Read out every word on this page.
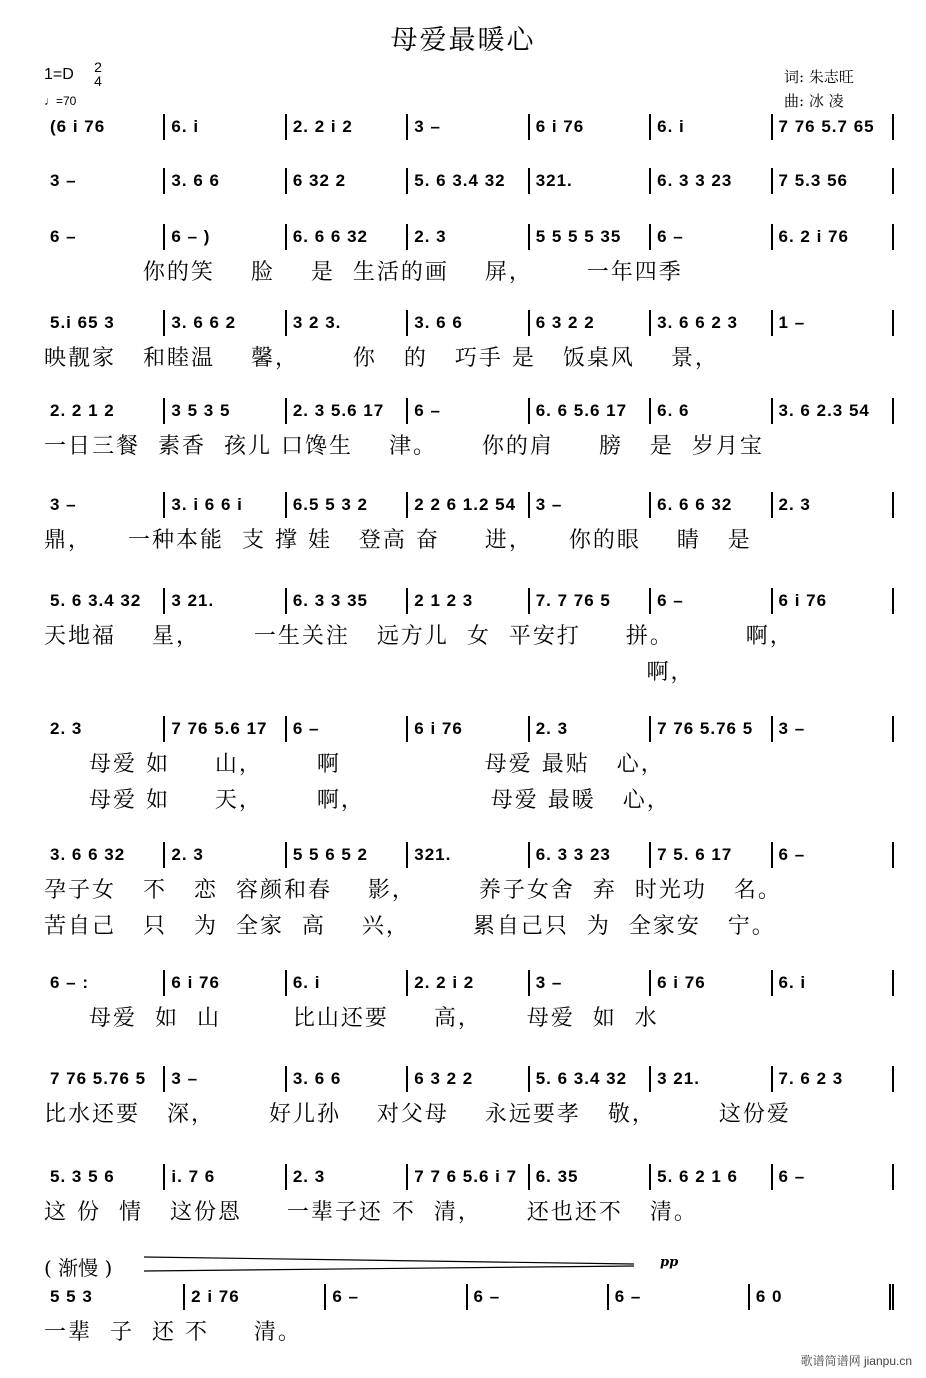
母爱最暖心
1=D 2
4
♩=70
词: 朱志旺
曲: 冰 凌
(6 i 76	6. i	2. 2 i 2	3 –	6 i 76	6. i	7 76 5.7 65
3 –	3. 6 6	6 32 2	5. 6 3.4 32	321.	6. 3 3 23	7 5.3 56
6 –	6 – )	6. 6 6 32	2. 3	5 5 5 5 35	6 –	6. 2 i 76
你的笑    脸    是  生活的画    屏，      一年四季
5.i 65 3	3. 6 6 2	3 2 3.	3. 6 6	6 3 2 2	3. 6 6 2 3	1 –
映靓家   和睦温    馨，      你   的   巧手 是   饭桌风    景，
2. 2 1 2	3 5 3 5	2. 3 5.6 17	6 –	6. 6 5.6 17	6. 6	3. 6 2.3 54
一日三餐  素香  孩儿 口馋生    津。     你的肩     膀   是  岁月宝
3 –	3. i 6 6 i	6.5 5 3 2	2 2 6 1.2 54	3 –	6. 6 6 32	2. 3
鼎，    一种本能  支 撑 娃   登高 奋     进，    你的眼    睛   是
5. 6 3.4 32	3 21.	6. 3 3 35	2 1 2 3	7. 7 76 5	6 –	6 i 76
天地福    星，      一生关注   远方儿  女  平安打     拼。        啊，
啊，
2. 3	7 76 5.6 17	6 –	6 i 76	2. 3	7 76 5.76 5	3 –
母爱 如     山，      啊                母爱 最贴   心，
母爱 如     天，      啊，              母爱 最暖   心，
3. 6 6 32	2. 3	5 5 6 5 2	321.	6. 3 3 23	7 5. 6 17	6 –
孕子女   不   恋  容颜和春    影，       养子女舍  弃  时光功   名。
苦自己   只   为  全家  高    兴，       累自己只  为  全家安   宁。
6 – :	6 i 76	6. i	2. 2 i 2	3 –	6 i 76	6. i
母爱  如  山        比山还要     高，     母爱  如  水
7 76 5.76 5	3 –	3. 6 6	6 3 2 2	5. 6 3.4 32	3 21.	7. 6 2 3
比水还要   深，      好儿孙    对父母    永远要孝   敬，       这份爱
5. 3 5 6	i. 7 6	2. 3	7 7 6 5.6 i 7	6. 35	5. 6 2 1 6	6 –
这 份  情   这份恩     一辈子还 不  清，     还也还不   清。
5 5 3	2 i 76	6 –	6 –	6 –	6 0
一辈  子  还 不     清。
( 渐慢 )	pp
歌谱简谱网 jianpu.cn
